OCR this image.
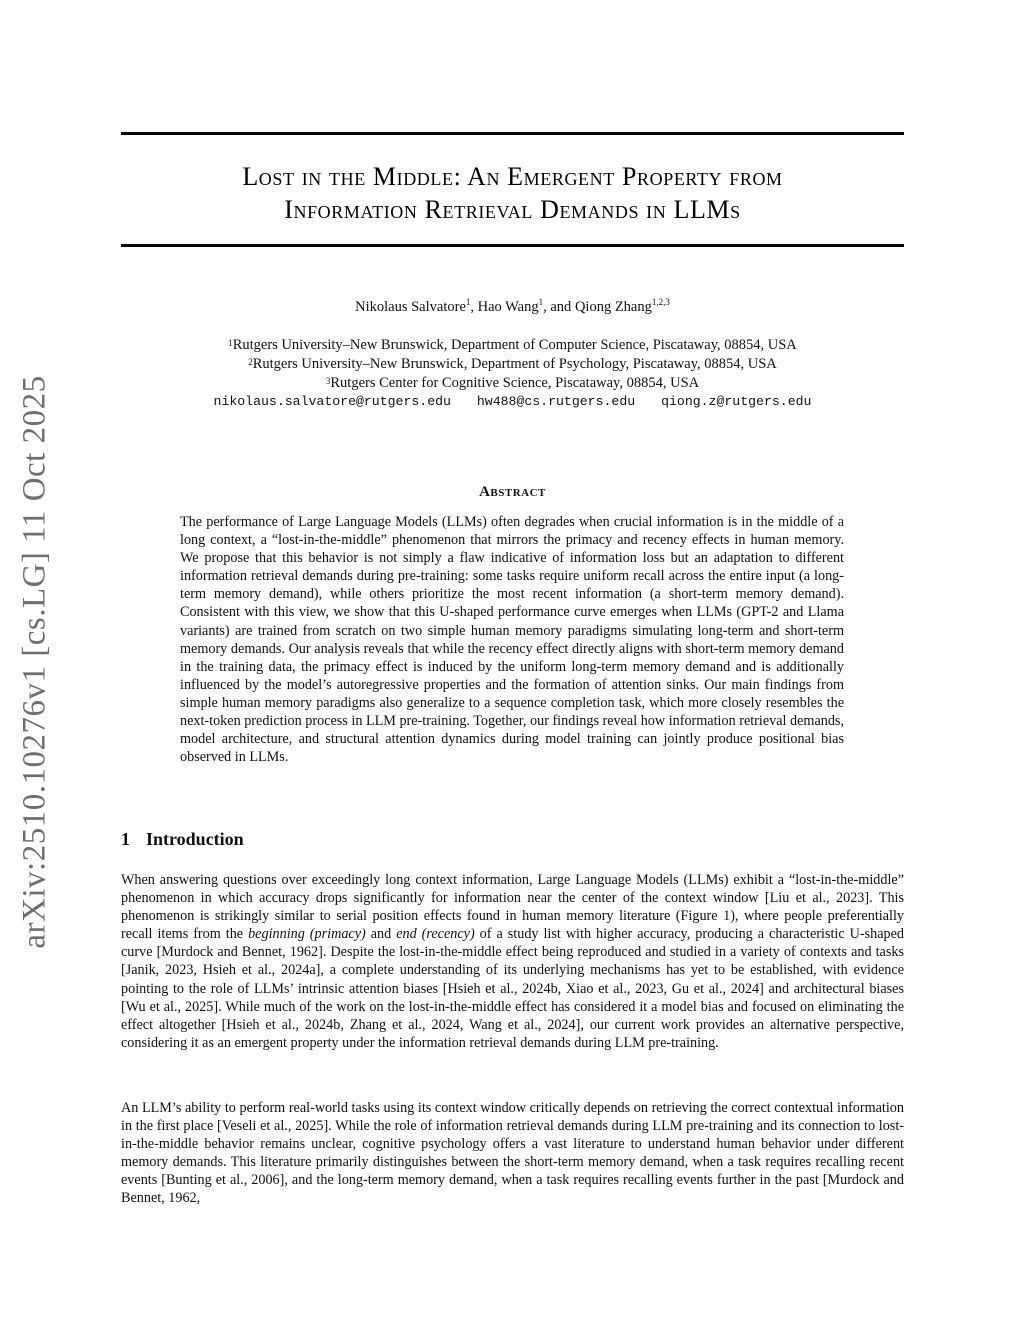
arXiv:2510.10276v1 [cs.LG] 11 Oct 2025
Lost in the Middle: An Emergent Property from
Information Retrieval Demands in LLMs
Nikolaus Salvatore$^1$, Hao Wang$^1$, and Qiong Zhang$^{1,2,3}$
$^1$Rutgers University–New Brunswick, Department of Computer Science, Piscataway, 08854, USA
$^2$Rutgers University–New Brunswick, Department of Psychology, Piscataway, 08854, USA
$^3$Rutgers Center for Cognitive Science, Piscataway, 08854, USA
nikolaus.salvatore@rutgers.edu hw488@cs.rutgers.edu qiong.z@rutgers.edu
Abstract

The performance of Large Language Models (LLMs) often degrades when crucial information is in the middle of a long context, a “lost-in-the-middle” phenomenon that mirrors the primacy and recency effects in human memory. We propose that this behavior is not simply a flaw indicative of information loss but an adaptation to different information retrieval demands during pre-training: some tasks require uniform recall across the entire input (a long-term memory demand), while others prioritize the most recent information (a short-term memory demand). Consistent with this view, we show that this U-shaped performance curve emerges when LLMs (GPT-2 and Llama variants) are trained from scratch on two simple human memory paradigms simulating long-term and short-term memory demands. Our analysis reveals that while the recency effect directly aligns with short-term memory demand in the training data, the primacy effect is induced by the uniform long-term memory demand and is additionally influenced by the model’s autoregressive properties and the formation of attention sinks. Our main findings from simple human memory paradigms also generalize to a sequence completion task, which more closely resembles the next-token prediction process in LLM pre-training. Together, our findings reveal how information retrieval demands, model architecture, and structural attention dynamics during model training can jointly produce positional bias observed in LLMs.

1 Introduction

When answering questions over exceedingly long context information, Large Language Models (LLMs) exhibit a “lost-in-the-middle” phenomenon in which accuracy drops significantly for information near the center of the context window [Liu et al., 2023]. This phenomenon is strikingly similar to serial position effects found in human memory literature (Figure 1), where people preferentially recall items from the beginning (primacy) and end (recency) of a study list with higher accuracy, producing a characteristic U-shaped curve [Murdock and Bennet, 1962]. Despite the lost-in-the-middle effect being reproduced and studied in a variety of contexts and tasks [Janik, 2023, Hsieh et al., 2024a], a complete understanding of its underlying mechanisms has yet to be established, with evidence pointing to the role of LLMs’ intrinsic attention biases [Hsieh et al., 2024b, Xiao et al., 2023, Gu et al., 2024] and architectural biases [Wu et al., 2025]. While much of the work on the lost-in-the-middle effect has considered it a model bias and focused on eliminating the effect altogether [Hsieh et al., 2024b, Zhang et al., 2024, Wang et al., 2024], our current work provides an alternative perspective, considering it as an emergent property under the information retrieval demands during LLM pre-training.

An LLM’s ability to perform real-world tasks using its context window critically depends on retrieving the correct contextual information in the first place [Veseli et al., 2025]. While the role of information retrieval demands during LLM pre-training and its connection to lost-in-the-middle behavior remains unclear, cognitive psychology offers a vast literature to understand human behavior under different memory demands. This literature primarily distinguishes between the short-term memory demand, when a task requires recalling recent events [Bunting et al., 2006], and the long-term memory demand, when a task requires recalling events further in the past [Murdock and Bennet, 1962,
